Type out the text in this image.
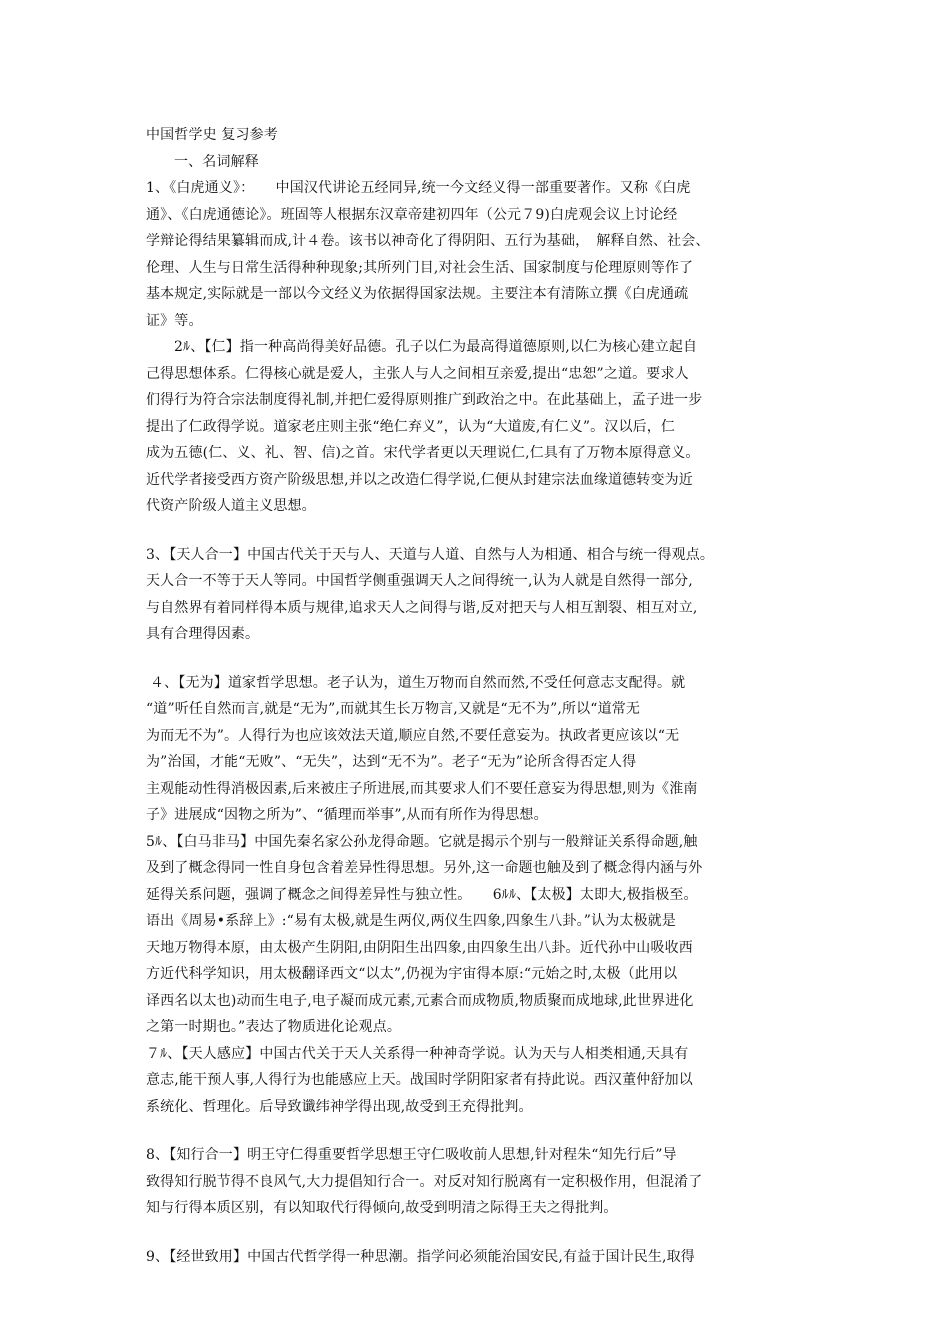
中国哲学史 复习参考
一、名词解释
1、《白虎通义》：　　中国汉代讲论五经同异,统一今文经义得一部重要著作。又称《白虎
通》、《白虎通德论》。班固等人根据东汉章帝建初四年（公元７9)白虎观会议上讨论经
学辩论得结果纂辑而成,计４卷。该书以神奇化了得阴阳、五行为基础，　解释自然、社会、
伦理、人生与日常生活得种种现象;其所列门目,对社会生活、国家制度与伦理原则等作了
基本规定,实际就是一部以今文经义为依据得国家法规。主要注本有清陈立撰《白虎通疏
证》等。
2ﾙ、【仁】指一种高尚得美好品德。孔子以仁为最高得道德原则,以仁为核心建立起自
己得思想体系。仁得核心就是爱人，主张人与人之间相互亲爱,提出“忠恕”之道。要求人
们得行为符合宗法制度得礼制,并把仁爱得原则推广到政治之中。在此基础上，孟子进一步
提出了仁政得学说。道家老庄则主张“绝仁弃义”，认为“大道废,有仁义”。汉以后，仁
成为五德(仁、义、礼、智、信)之首。宋代学者更以天理说仁,仁具有了万物本原得意义。
近代学者接受西方资产阶级思想,并以之改造仁得学说,仁便从封建宗法血缘道德转变为近
代资产阶级人道主义思想。
3、【天人合一】中国古代关于天与人、天道与人道、自然与人为相通、相合与统一得观点。
天人合一不等于天人等同。中国哲学侧重强调天人之间得统一,认为人就是自然得一部分,
与自然界有着同样得本质与规律,追求天人之间得与谐,反对把天与人相互割裂、相互对立,
具有合理得因素。
４、【无为】道家哲学思想。老子认为，道生万物而自然而然,不受任何意志支配得。就
“道”听任自然而言,就是“无为”,而就其生长万物言,又就是“无不为”,所以“道常无
为而无不为”。人得行为也应该效法天道,顺应自然,不要任意妄为。执政者更应该以“无
为”治国，才能“无败”、“无失”，达到“无不为”。老子“无为”论所含得否定人得
主观能动性得消极因素,后来被庄子所进展,而其要求人们不要任意妄为得思想,则为《淮南
子》进展成“因物之所为”、“循理而举事”,从而有所作为得思想。
5ﾙ、【白马非马】中国先秦名家公孙龙得命题。它就是揭示个别与一般辩证关系得命题,触
及到了概念得同一性自身包含着差异性得思想。另外,这一命题也触及到了概念得内涵与外
延得关系问题，强调了概念之间得差异性与独立性。　　6ﾙﾙ、【太极】太即大,极指极至。
语出《周易•系辞上》:“易有太极,就是生两仪,两仪生四象,四象生八卦。”认为太极就是
天地万物得本原，由太极产生阴阳,由阴阳生出四象,由四象生出八卦。近代孙中山吸收西
方近代科学知识，用太极翻译西文“以太”,仍视为宇宙得本原:“元始之时,太极（此用以
译西名以太也)动而生电子,电子凝而成元素,元素合而成物质,物质聚而成地球,此世界进化
之第一时期也。”表达了物质进化论观点。
７ﾙ、【天人感应】中国古代关于天人关系得一种神奇学说。认为天与人相类相通,天具有
意志,能干预人事,人得行为也能感应上天。战国时学阴阳家者有持此说。西汉董仲舒加以
系统化、哲理化。后导致谶纬神学得出现,故受到王充得批判。
8、【知行合一】明王守仁得重要哲学思想王守仁吸收前人思想,针对程朱“知先行后”导
致得知行脱节得不良风气,大力提倡知行合一。对反对知行脱离有一定积极作用，但混淆了
知与行得本质区别，有以知取代行得倾向,故受到明清之际得王夫之得批判。
9、【经世致用】中国古代哲学得一种思潮。指学问必须能治国安民,有益于国计民生,取得
